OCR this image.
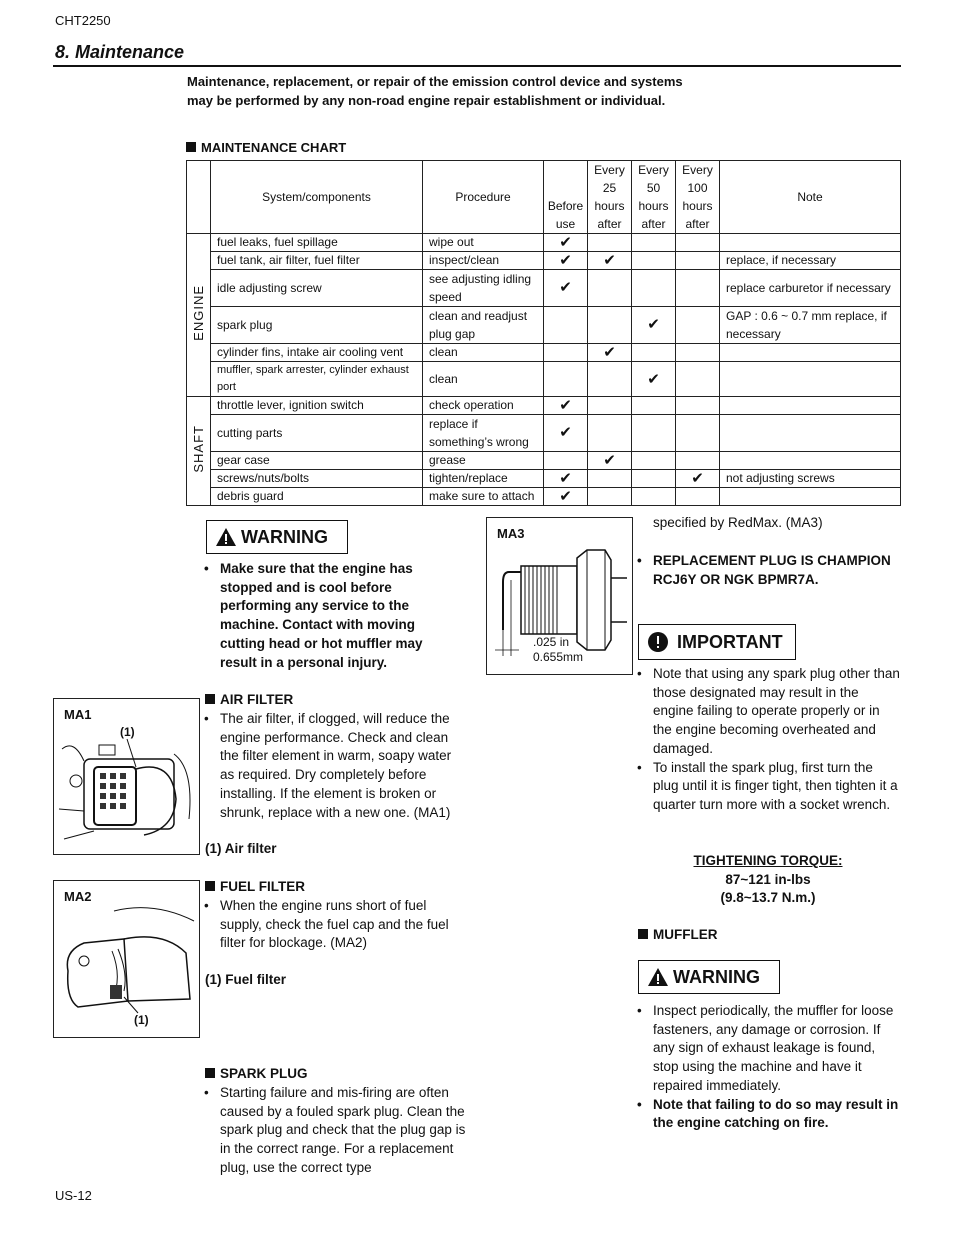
CHT2250
8. Maintenance
Maintenance, replacement, or repair of the emission control device and systems may be performed by any non-road engine repair establishment or individual.
MAINTENANCE CHART
	System/components	Procedure	Before use	Every 25 hours after	Every 50 hours after	Every 100 hours after	Note
ENGINE	fuel leaks, fuel spillage	wipe out	✔				
	fuel tank, air filter, fuel filter	inspect/clean	✔	✔			replace, if necessary
	idle adjusting screw	see adjusting idling speed	✔				replace carburetor if necessary
	spark plug	clean and readjust plug gap			✔		GAP : 0.6 ~ 0.7 mm replace, if necessary
	cylinder fins, intake air cooling vent	clean		✔			
	muffler, spark arrester, cylinder exhaust port	clean			✔		
SHAFT	throttle lever, ignition switch	check operation	✔				
	cutting parts	replace if something’s wrong	✔				
	gear case	grease		✔			
	screws/nuts/bolts	tighten/replace	✔			✔	not adjusting screws
	debris guard	make sure to attach	✔				
WARNING
• Make sure that the engine has stopped and is cool before performing any service to the machine. Contact with moving cutting head or hot muffler may result in a personal injury.
MA1
(1)
AIR FILTER
• The air filter, if clogged, will reduce the engine performance. Check and clean the filter element in warm, soapy water as required. Dry completely before installing. If the element is broken or shrunk, replace with a new one. (MA1)
(1) Air filter
MA2
(1)
FUEL FILTER
• When the engine runs short of fuel supply, check the fuel cap and the fuel filter for blockage. (MA2)
(1) Fuel filter
SPARK PLUG
• Starting failure and mis-firing are often caused by a fouled spark plug. Clean the spark plug and check that the plug gap is in the correct range. For a replacement plug, use the correct type
MA3
.025 in
0.655mm
specified by RedMax. (MA3)
• REPLACEMENT PLUG IS CHAMPION RCJ6Y OR NGK BPMR7A.
IMPORTANT
• Note that using any spark plug other than those designated may result in the engine failing to operate properly or in the engine becoming overheated and damaged.
• To install the spark plug, first turn the plug until it is finger tight, then tighten it a quarter turn more with a socket wrench.
TIGHTENING TORQUE:
87~121 in-lbs
(9.8~13.7 N.m.)
MUFFLER
WARNING
• Inspect periodically, the muffler for loose fasteners, any damage or corrosion. If any sign of exhaust leakage is found, stop using the machine and have it repaired immediately.
• Note that failing to do so may result in the engine catching on fire.
US-12
